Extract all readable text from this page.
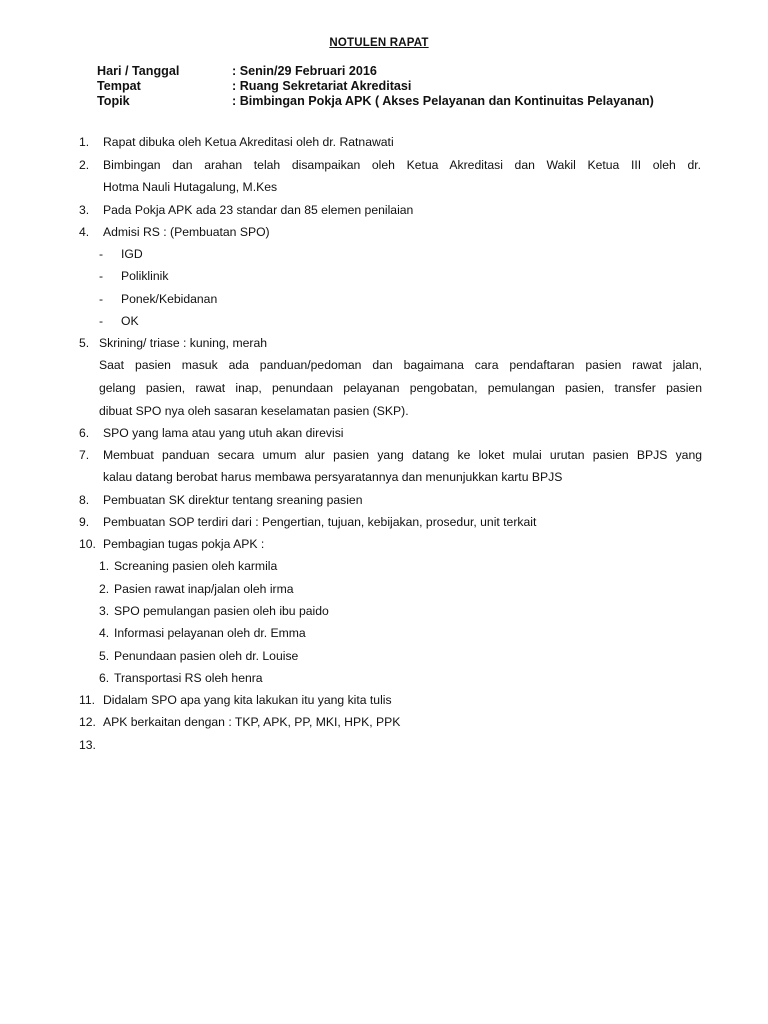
NOTULEN RAPAT
Hari / Tanggal	: Senin/29 Februari 2016
Tempat	: Ruang Sekretariat Akreditasi
Topik	: Bimbingan Pokja APK ( Akses Pelayanan dan Kontinuitas Pelayanan)
1. Rapat dibuka oleh Ketua Akreditasi oleh dr. Ratnawati
2. Bimbingan dan arahan telah disampaikan oleh Ketua Akreditasi dan Wakil Ketua III oleh dr.
Hotma Nauli Hutagalung, M.Kes
3. Pada Pokja APK ada 23 standar dan 85 elemen penilaian
4. Admisi RS : (Pembuatan SPO)
- IGD
- Poliklinik
- Ponek/Kebidanan
- OK
5. Skrining/ triase : kuning, merah
Saat pasien masuk ada panduan/pedoman dan bagaimana cara pendaftaran pasien rawat jalan,
gelang pasien, rawat inap, penundaan pelayanan pengobatan, pemulangan pasien, transfer pasien
dibuat SPO nya oleh sasaran keselamatan pasien (SKP).
6. SPO yang lama atau yang utuh akan direvisi
7. Membuat panduan secara umum alur pasien yang datang ke loket mulai urutan pasien BPJS yang
kalau datang berobat harus membawa persyaratannya dan menunjukkan kartu BPJS
8. Pembuatan SK direktur tentang sreaning pasien
9. Pembuatan SOP terdiri dari : Pengertian, tujuan, kebijakan, prosedur, unit terkait
10. Pembagian tugas pokja APK :
1. Screaning pasien oleh karmila
2. Pasien rawat inap/jalan oleh irma
3. SPO pemulangan pasien oleh ibu paido
4. Informasi pelayanan oleh dr. Emma
5. Penundaan pasien oleh dr. Louise
6. Transportasi RS oleh henra
11. Didalam SPO apa yang kita lakukan itu yang kita tulis
12. APK berkaitan dengan : TKP, APK, PP, MKI, HPK, PPK
13.
